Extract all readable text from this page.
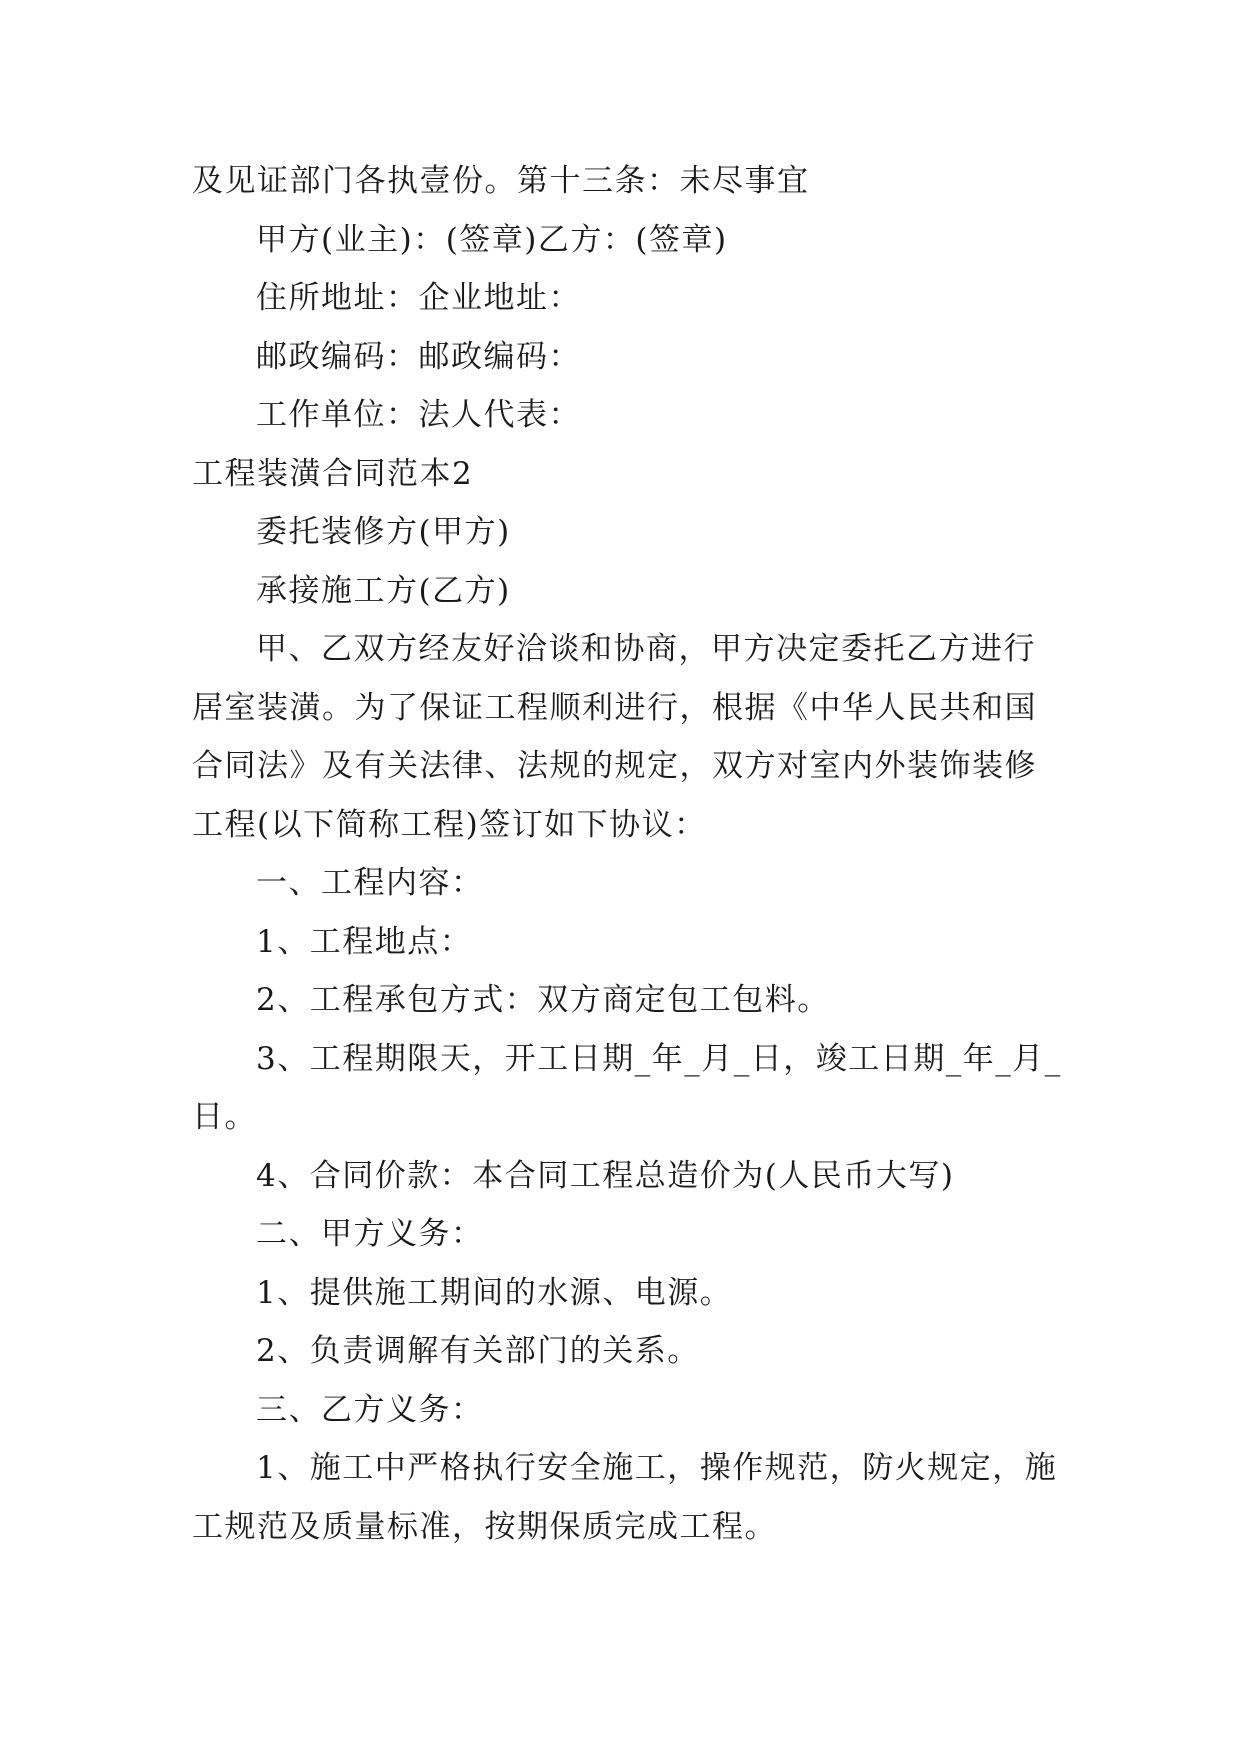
及见证部门各执壹份。第十三条：未尽事宜

甲方(业主)：(签章)乙方：(签章)

住所地址：企业地址：

邮政编码：邮政编码：

工作单位：法人代表：

工程装潢合同范本2

委托装修方(甲方)

承接施工方(乙方)

甲、乙双方经友好洽谈和协商，甲方决定委托乙方进行居室装潢。为了保证工程顺利进行，根据《中华人民共和国合同法》及有关法律、法规的规定，双方对室内外装饰装修工程(以下简称工程)签订如下协议：

一、工程内容：

1、工程地点：

2、工程承包方式：双方商定包工包料。

3、工程期限天，开工日期_年_月_日，竣工日期_年_月_日。

4、合同价款：本合同工程总造价为(人民币大写)

二、甲方义务：

1、提供施工期间的水源、电源。

2、负责调解有关部门的关系。

三、乙方义务：

1、施工中严格执行安全施工，操作规范，防火规定，施工规范及质量标准，按期保质完成工程。
